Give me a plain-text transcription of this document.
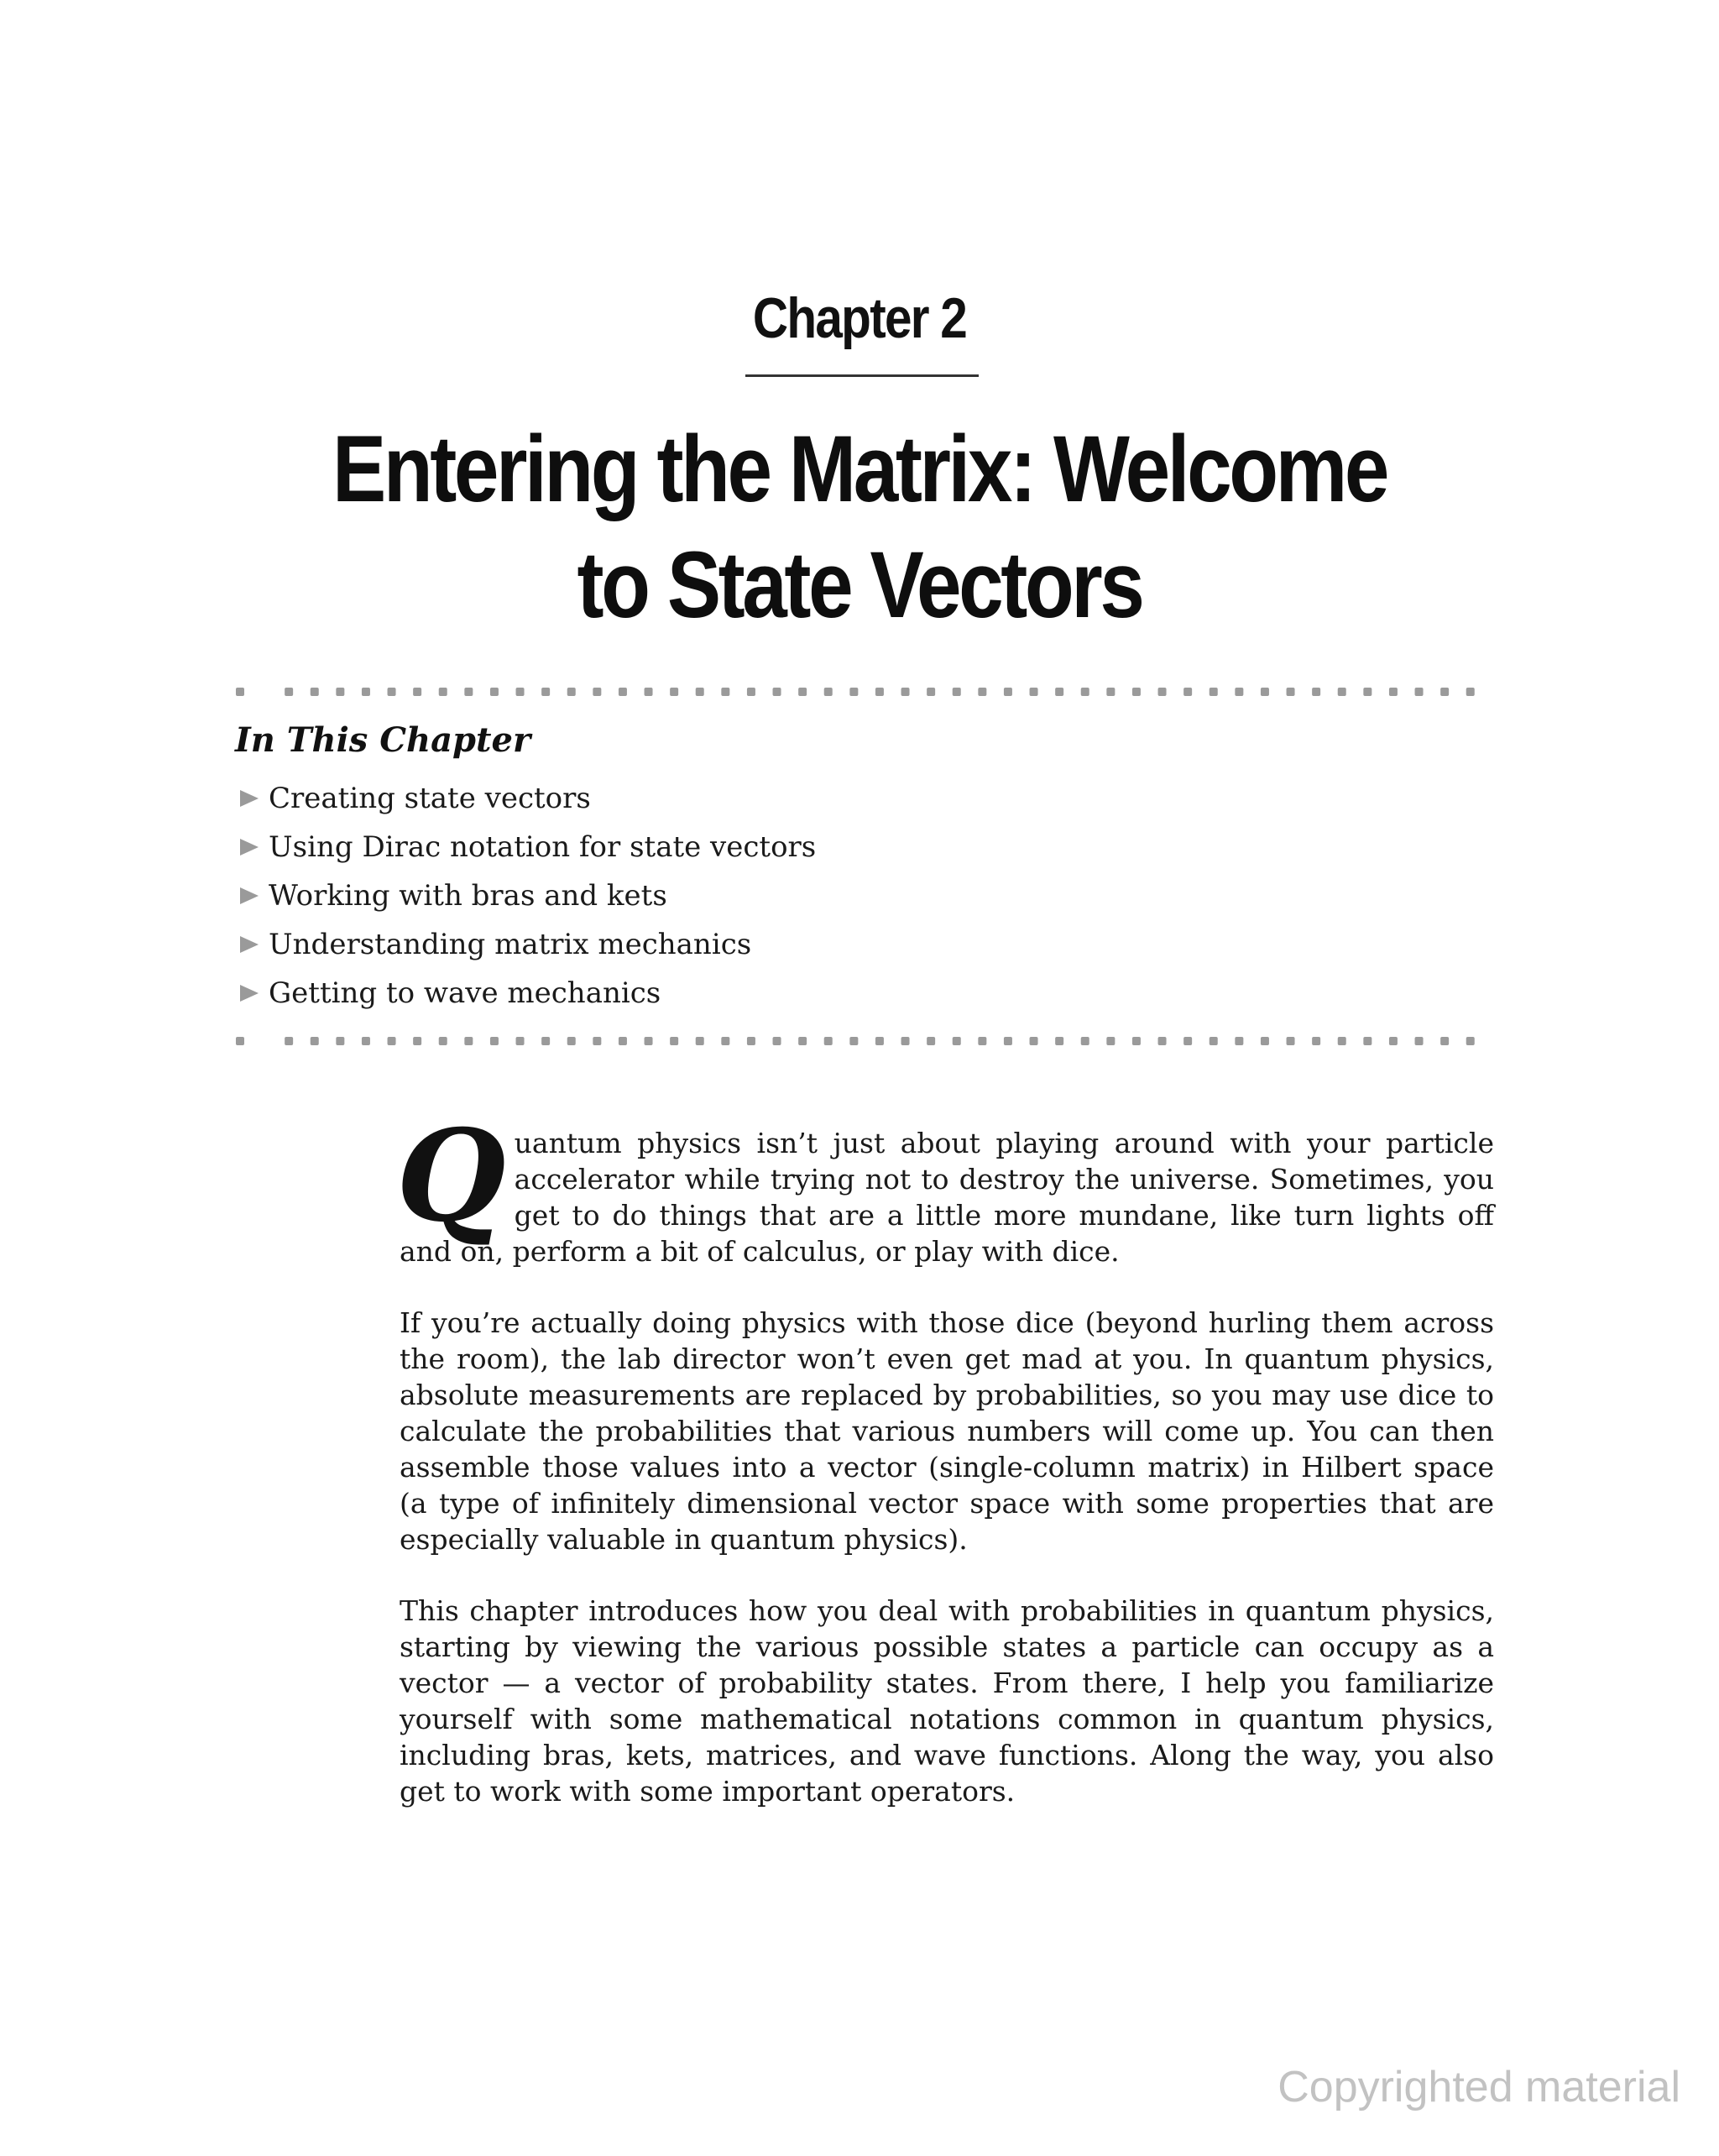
Chapter 2
Entering the Matrix: Welcome
to State Vectors
In This Chapter
Creating state vectors
Using Dirac notation for state vectors
Working with bras and kets
Understanding matrix mechanics
Getting to wave mechanics

Q uantum physics isn’t just about playing around with your particle accelerator while trying not to destroy the universe. Sometimes, you get to do things that are a little more mundane, like turn lights off and on, perform a bit of calculus, or play with dice.

If you’re actually doing physics with those dice (beyond hurling them across the room), the lab director won’t even get mad at you. In quantum physics, absolute measurements are replaced by probabilities, so you may use dice to calculate the probabilities that various numbers will come up. You can then assemble those values into a vector (single-column matrix) in Hilbert space (a type of infinitely dimensional vector space with some properties that are especially valuable in quantum physics).

This chapter introduces how you deal with probabilities in quantum physics, starting by viewing the various possible states a particle can occupy as a vector — a vector of probability states. From there, I help you familiarize yourself with some mathematical notations common in quantum physics, including bras, kets, matrices, and wave functions. Along the way, you also get to work with some important operators.

Copyrighted material
